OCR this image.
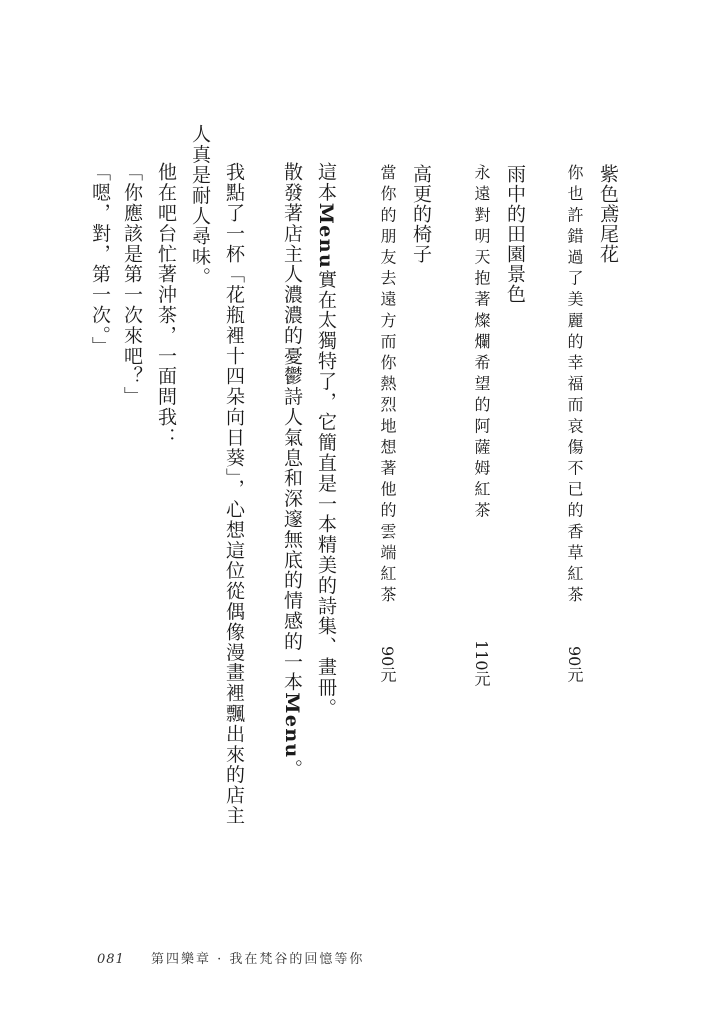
紫色鳶尾花
你也許錯過了美麗的幸福而哀傷不已的香草紅茶
90元
雨中的田園景色
永遠對明天抱著燦爛希望的阿薩姆紅茶
110元
高更的椅子
當你的朋友去遠方而你熱烈地想著他的雲端紅茶
90元
這本Menu實在太獨特了，它簡直是一本精美的詩集、畫冊。
散發著店主人濃濃的憂鬱詩人氣息和深邃無底的情感的一本Menu。
我點了一杯「花瓶裡十四朵向日葵」，心想這位從偶像漫畫裡飄出來的店主
人真是耐人尋味。
他在吧台忙著沖茶，一面問我：
「你應該是第一次來吧？」
「嗯，對，第一次。」
081 第四樂章 · 我在梵谷的回憶等你
